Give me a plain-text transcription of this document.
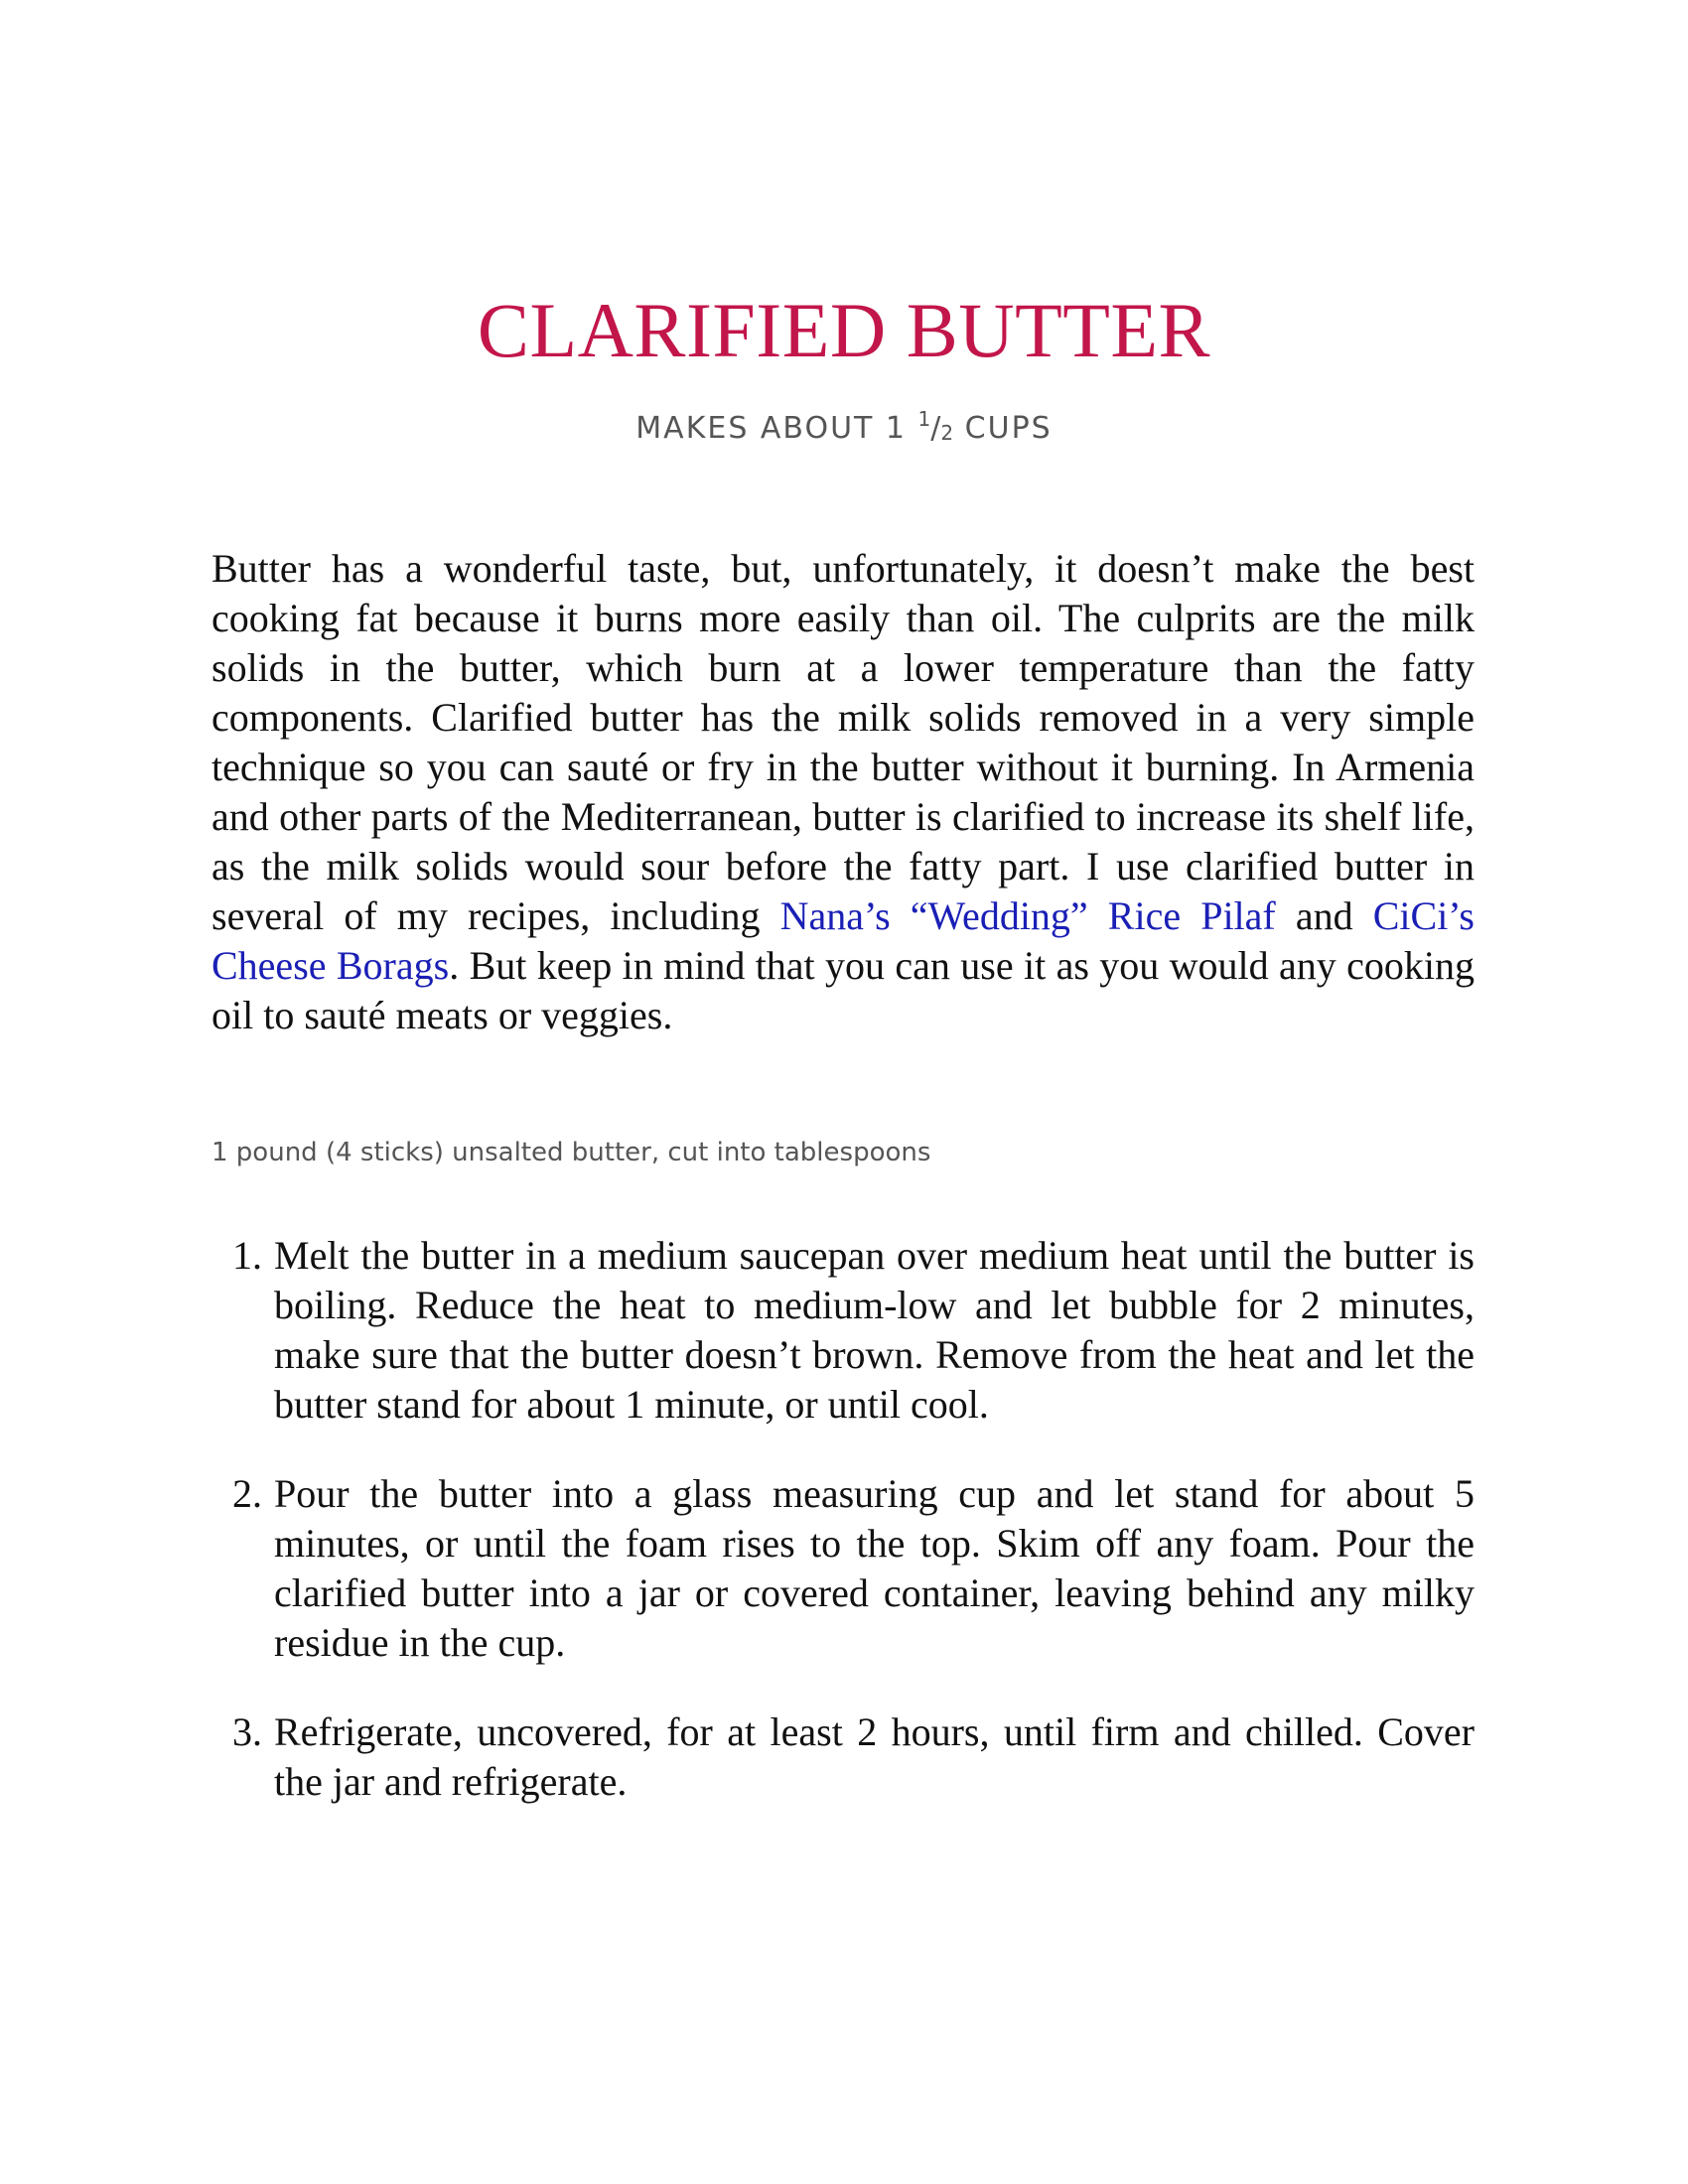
CLARIFIED BUTTER
MAKES ABOUT 1 $^1$/2 CUPS

Butter has a wonderful taste, but, unfortunately, it doesn’t make the best cooking fat because it burns more easily than oil. The culprits are the milk solids in the butter, which burn at a lower temperature than the fatty components. Clarified butter has the milk solids removed in a very simple technique so you can sauté or fry in the butter without it burning. In Armenia and other parts of the Mediterranean, butter is clarified to increase its shelf life, as the milk solids would sour before the fatty part. I use clarified butter in several of my recipes, including Nana’s “Wedding” Rice Pilaf and CiCi’s Cheese Borags. But keep in mind that you can use it as you would any cooking oil to sauté meats or veggies.

1 pound (4 sticks) unsalted butter, cut into tablespoons

1. Melt the butter in a medium saucepan over medium heat until the butter is boiling. Reduce the heat to medium-low and let bubble for 2 minutes, make sure that the butter doesn’t brown. Remove from the heat and let the butter stand for about 1 minute, or until cool.
2. Pour the butter into a glass measuring cup and let stand for about 5 minutes, or until the foam rises to the top. Skim off any foam. Pour the clarified butter into a jar or covered container, leaving behind any milky residue in the cup.
3. Refrigerate, uncovered, for at least 2 hours, until firm and chilled. Cover the jar and refrigerate.
